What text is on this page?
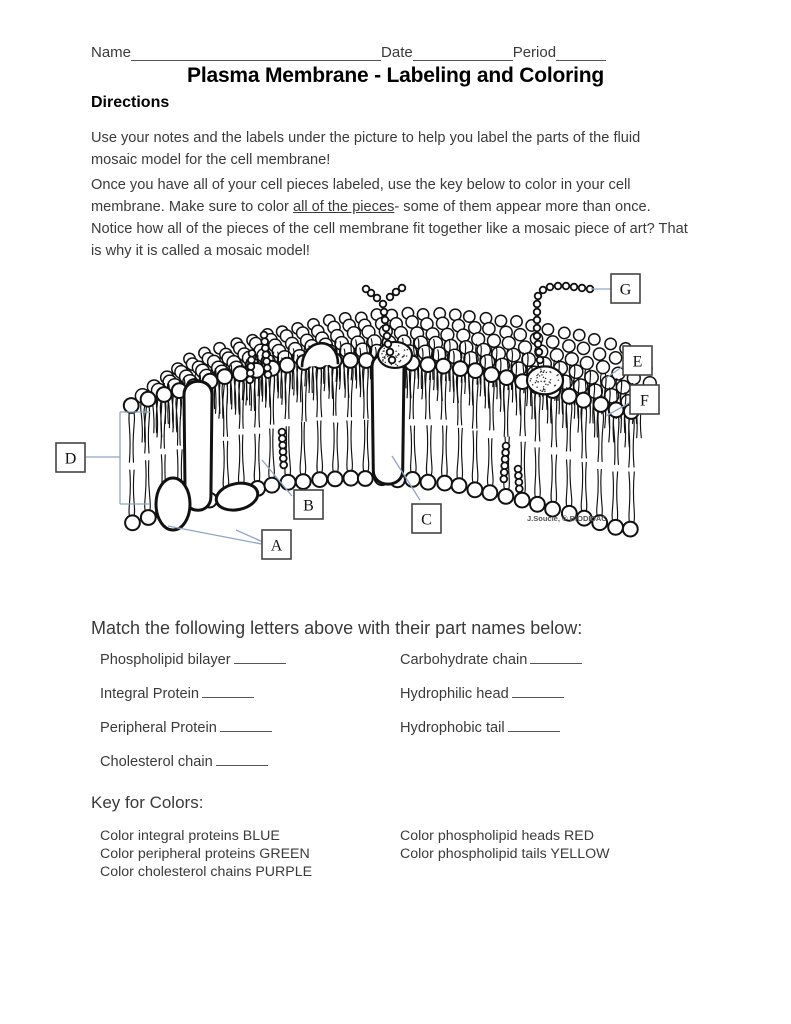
Name	Date	Period
Plasma Membrane - Labeling and Coloring
Directions
Use your notes and the labels under the picture to help you label the parts of the fluid mosaic model for the cell membrane!
Once you have all of your cell pieces labeled, use the key below to color in your cell membrane. Make sure to color all of the pieces- some of them appear more than once. Notice how all of the pieces of the cell membrane fit together like a mosaic piece of art? That is why it is called a mosaic model!
A
B
C
D
E
F
G
J.Soucie, © BIODIDAC
Match the following letters above with their part names below:
Phospholipid bilayer
Integral Protein
Peripheral Protein
Cholesterol chain
Carbohydrate chain
Hydrophilic head
Hydrophobic tail
Key for Colors:
Color integral proteins BLUE
Color peripheral proteins GREEN
Color cholesterol chains PURPLE
Color phospholipid heads RED
Color phospholipid tails YELLOW
